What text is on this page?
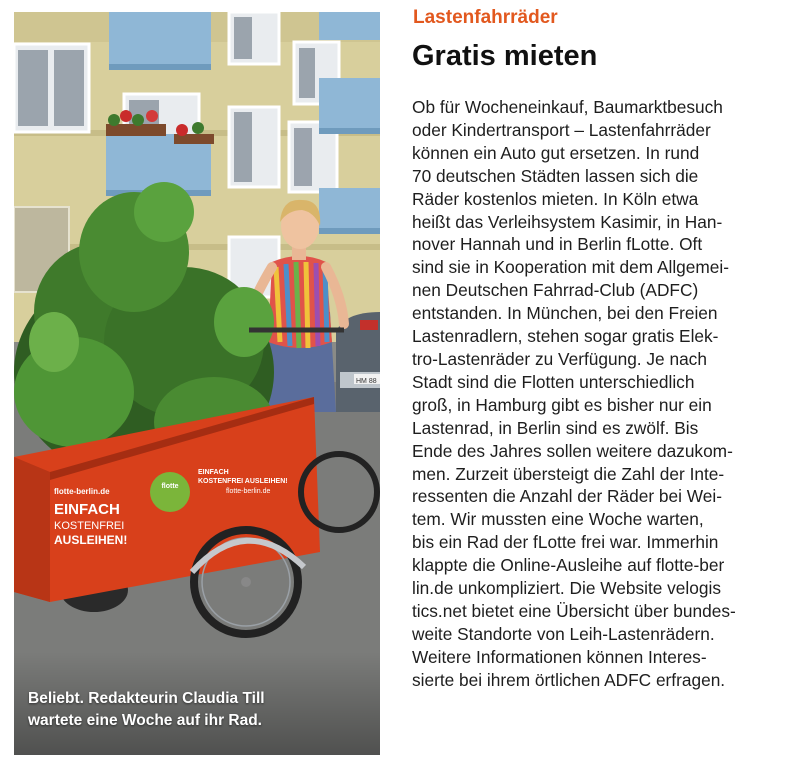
HM 88
flotte
flotte-berlin.de
EINFACH
KOSTENFREI
AUSLEIHEN!
EINFACH
KOSTENFREI AUSLEIHEN!
flotte-berlin.de
Beliebt. Redakteurin Claudia Till
wartete eine Woche auf ihr Rad.
Lastenfahrräder
Gratis mieten
Ob für Wocheneinkauf, Baumarktbesuch
oder Kindertransport – Lastenfahrräder
können ein Auto gut ersetzen. In rund
70 deutschen Städten lassen sich die
Räder kostenlos mieten. In Köln etwa
heißt das Verleihsystem Kasimir, in Han-
nover Hannah und in Berlin fLotte. Oft
sind sie in Kooperation mit dem Allgemei-
nen Deutschen Fahrrad-Club (ADFC)
entstanden. In München, bei den Freien
Lastenradlern, stehen sogar gratis Elek-
tro-Lastenräder zu Verfügung. Je nach
Stadt sind die Flotten unterschiedlich
groß, in Hamburg gibt es bisher nur ein
Lastenrad, in Berlin sind es zwölf. Bis
Ende des Jahres sollen weitere dazukom-
men. Zurzeit übersteigt die Zahl der Inte-
ressenten die Anzahl der Räder bei Wei-
tem. Wir mussten eine Woche warten,
bis ein Rad der fLotte frei war. Immerhin
klappte die Online-Ausleihe auf flotte-ber
lin.de unkompliziert. Die Website velogis
tics.net bietet eine Übersicht über bundes-
weite Standorte von Leih-Lastenrädern.
Weitere Informationen können Interes-
sierte bei ihrem örtlichen ADFC erfragen.
